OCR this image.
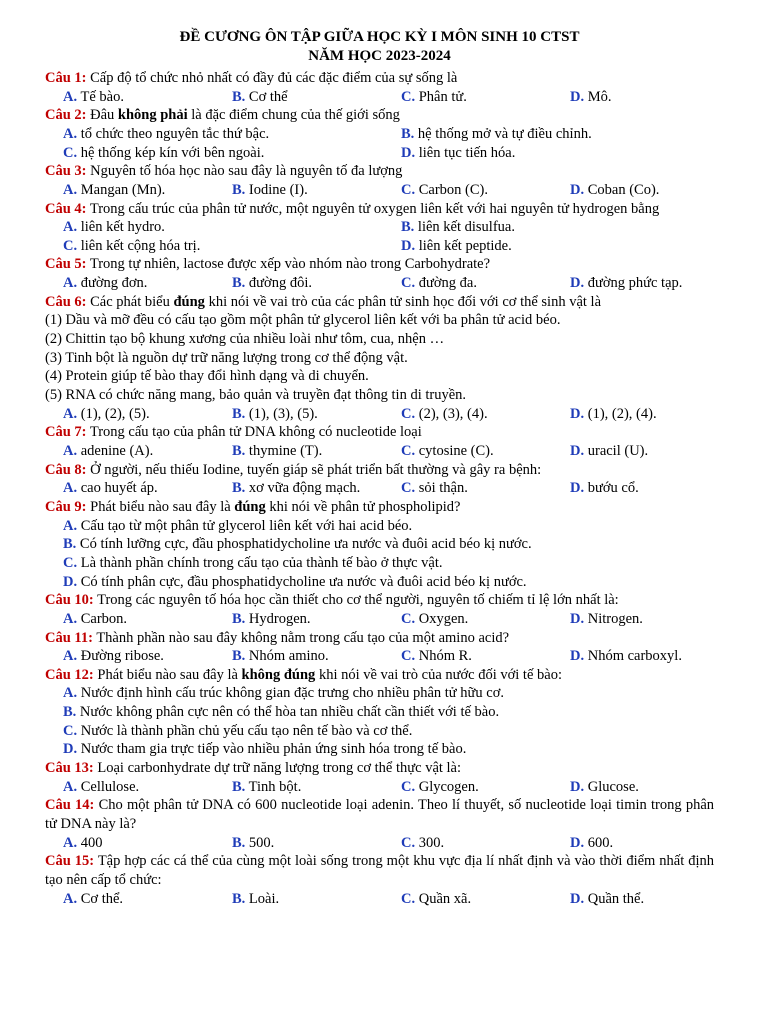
ĐỀ CƯƠNG ÔN TẬP GIỮA HỌC KỲ I MÔN SINH 10 CTST
NĂM HỌC 2023-2024
Câu 1: Cấp độ tổ chức nhỏ nhất có đầy đủ các đặc điểm của sự sống là
A. Tế bào.	B. Cơ thể	C. Phân tử.	D. Mô.
Câu 2: Đâu không phải là đặc điểm chung của thế giới sống
A. tổ chức theo nguyên tắc thứ bậc.	B. hệ thống mở và tự điều chỉnh.
C. hệ thống kép kín với bên ngoài.	D. liên tục tiến hóa.
Câu 3: Nguyên tố hóa học nào sau đây là nguyên tố đa lượng
A. Mangan (Mn).	B. Iodine (I).	C. Carbon (C).	D. Coban (Co).
Câu 4: Trong cấu trúc của phân tử nước, một nguyên tử oxygen liên kết với hai nguyên tử hydrogen bằng
A. liên kết hydro.	B. liên kết disulfua.
C. liên kết cộng hóa trị.	D. liên kết peptide.
Câu 5: Trong tự nhiên, lactose được xếp vào nhóm nào trong Carbohydrate?
A. đường đơn.	B. đường đôi.	C. đường đa.	D. đường phức tạp.
Câu 6: Các phát biểu đúng khi nói về vai trò của các phân tử sinh học đối với cơ thể sinh vật là
(1) Dầu và mỡ đều có cấu tạo gồm một phân tử glycerol liên kết với ba phân tử acid béo.
(2) Chittin tạo bộ khung xương của nhiều loài như tôm, cua, nhện …
(3) Tinh bột là nguồn dự trữ năng lượng trong cơ thể động vật.
(4) Protein giúp tế bào thay đổi hình dạng và di chuyển.
(5) RNA có chức năng mang, bảo quản và truyền đạt thông tin di truyền.
A. (1), (2), (5).	B. (1), (3), (5).	C. (2), (3), (4).	D. (1), (2), (4).
Câu 7: Trong cấu tạo của phân tử DNA không có nucleotide loại
A. adenine (A).	B. thymine (T).	C. cytosine (C).	D. uracil (U).
Câu 8: Ở người, nếu thiếu Iodine, tuyến giáp sẽ phát triển bất thường và gây ra bệnh:
A. cao huyết áp.	B. xơ vữa động mạch.	C. sỏi thận.	D. bướu cổ.
Câu 9: Phát biểu nào sau đây là đúng khi nói về phân tử phospholipid?
A. Cấu tạo từ một phân tử glycerol liên kết với hai acid béo.
B. Có tính lưỡng cực, đầu phosphatidycholine ưa nước và đuôi acid béo kị nước.
C. Là thành phần chính trong cấu tạo của thành tế bào ở thực vật.
D. Có tính phân cực, đầu phosphatidycholine ưa nước và đuôi acid béo kị nước.
Câu 10: Trong các nguyên tố hóa học cần thiết cho cơ thể người, nguyên tố chiếm tỉ lệ lớn nhất là:
A. Carbon.	B. Hydrogen.	C. Oxygen.	D. Nitrogen.
Câu 11: Thành phần nào sau đây không nằm trong cấu tạo của một amino acid?
A. Đường ribose.	B. Nhóm amino.	C. Nhóm R.	D. Nhóm carboxyl.
Câu 12: Phát biểu nào sau đây là không đúng khi nói về vai trò của nước đối với tế bào:
A. Nước định hình cấu trúc không gian đặc trưng cho nhiều phân tử hữu cơ.
B. Nước không phân cực nên có thể hòa tan nhiều chất cần thiết với tế bào.
C. Nước là thành phần chủ yếu cấu tạo nên tế bào và cơ thể.
D. Nước tham gia trực tiếp vào nhiều phản ứng sinh hóa trong tế bào.
Câu 13: Loại carbonhydrate dự trữ năng lượng trong cơ thể thực vật là:
A. Cellulose.	B. Tinh bột.	C. Glycogen.	D. Glucose.
Câu 14: Cho một phân tử DNA có 600 nucleotide loại adenin. Theo lí thuyết, số nucleotide loại timin trong phân tử DNA này là?
A. 400	B. 500.	C. 300.	D. 600.
Câu 15: Tập hợp các cá thể của cùng một loài sống trong một khu vực địa lí nhất định và vào thời điểm nhất định tạo nên cấp tổ chức:
A. Cơ thể.	B. Loài.	C. Quần xã.	D. Quần thể.
